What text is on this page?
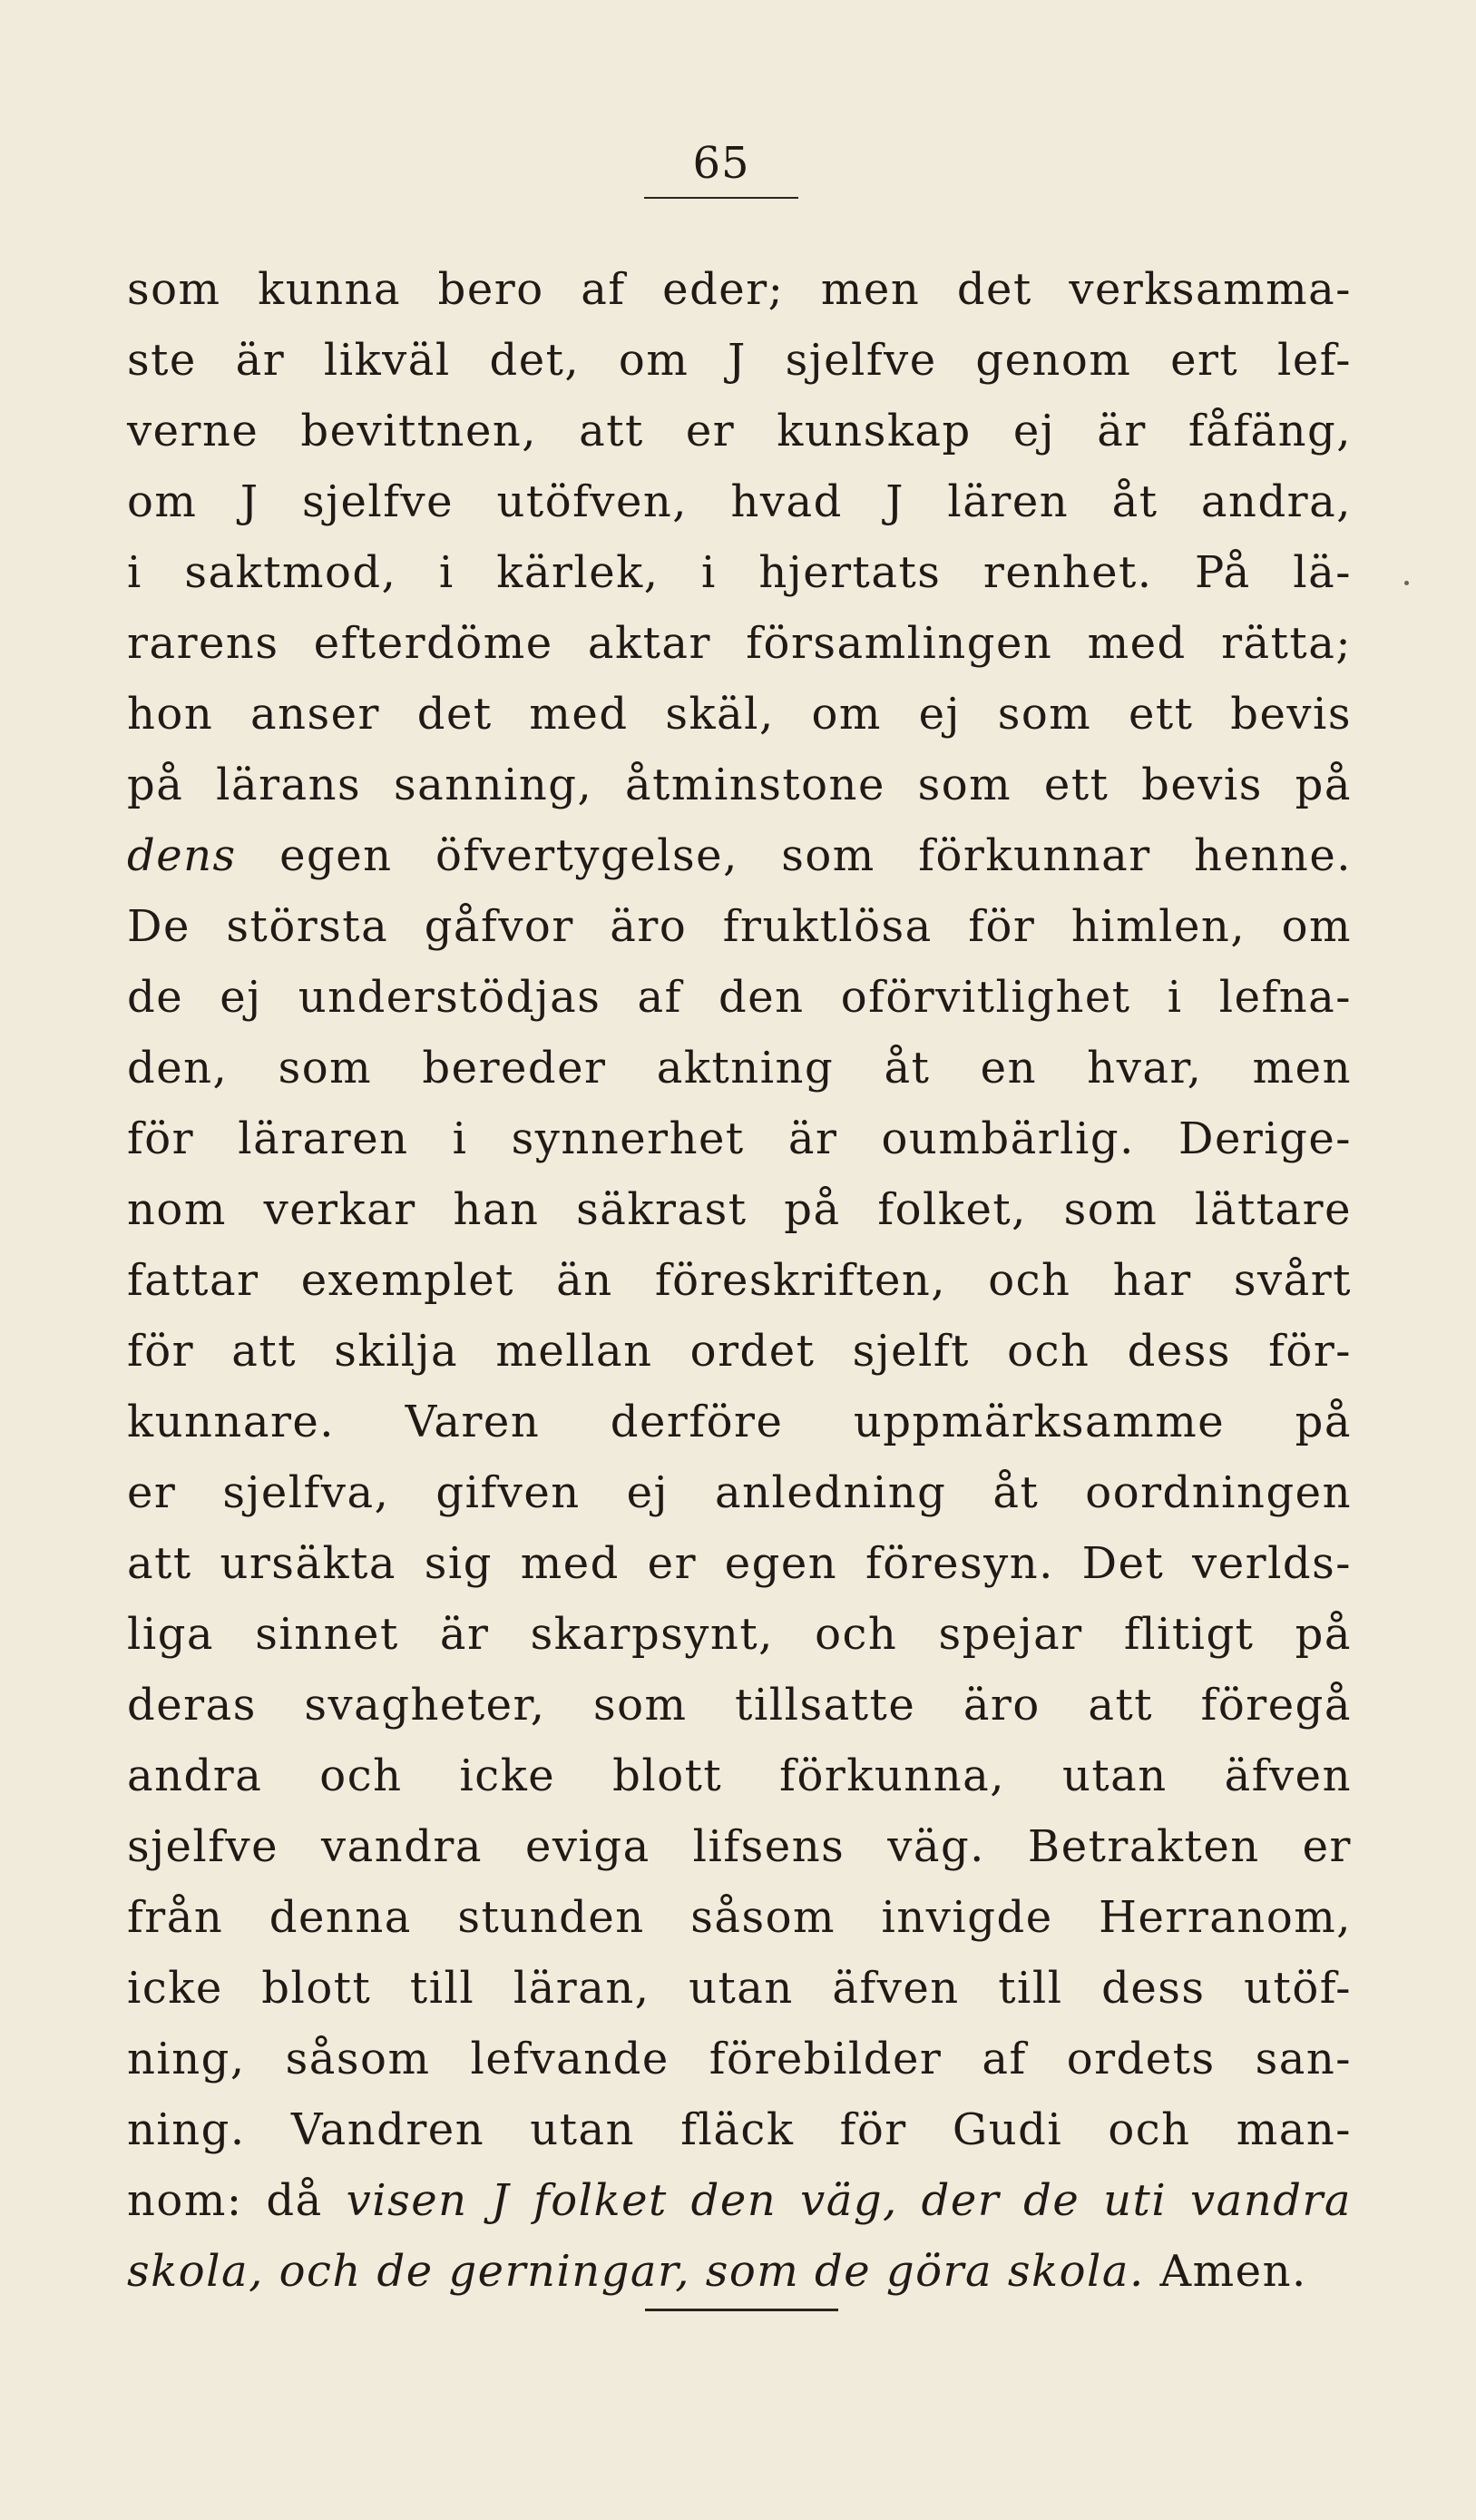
65
som kunna bero af eder; men det verksamma-
ste är likväl det, om J sjelfve genom ert lef-
verne bevittnen, att er kunskap ej är fåfäng,
om J sjelfve utöfven, hvad J lären åt andra,
i saktmod, i kärlek, i hjertats renhet. På lä-
rarens efterdöme aktar församlingen med rätta;
hon anser det med skäl, om ej som ett bevis
på lärans sanning, åtminstone som ett bevis på
dens egen öfvertygelse, som förkunnar henne.
De största gåfvor äro fruktlösa för himlen, om
de ej understödjas af den oförvitlighet i lefna-
den, som bereder aktning åt en hvar, men
för läraren i synnerhet är oumbärlig. Derige-
nom verkar han säkrast på folket, som lättare
fattar exemplet än föreskriften, och har svårt
för att skilja mellan ordet sjelft och dess för-
kunnare. Varen derföre uppmärksamme på
er sjelfva, gifven ej anledning åt oordningen
att ursäkta sig med er egen föresyn. Det verlds-
liga sinnet är skarpsynt, och spejar flitigt på
deras svagheter, som tillsatte äro att föregå
andra och icke blott förkunna, utan äfven
sjelfve vandra eviga lifsens väg. Betrakten er
från denna stunden såsom invigde Herranom,
icke blott till läran, utan äfven till dess utöf-
ning, såsom lefvande förebilder af ordets san-
ning. Vandren utan fläck för Gudi och man-
nom: då visen J folket den väg, der de uti vandra
skola, och de gerningar, som de göra skola. Amen.
